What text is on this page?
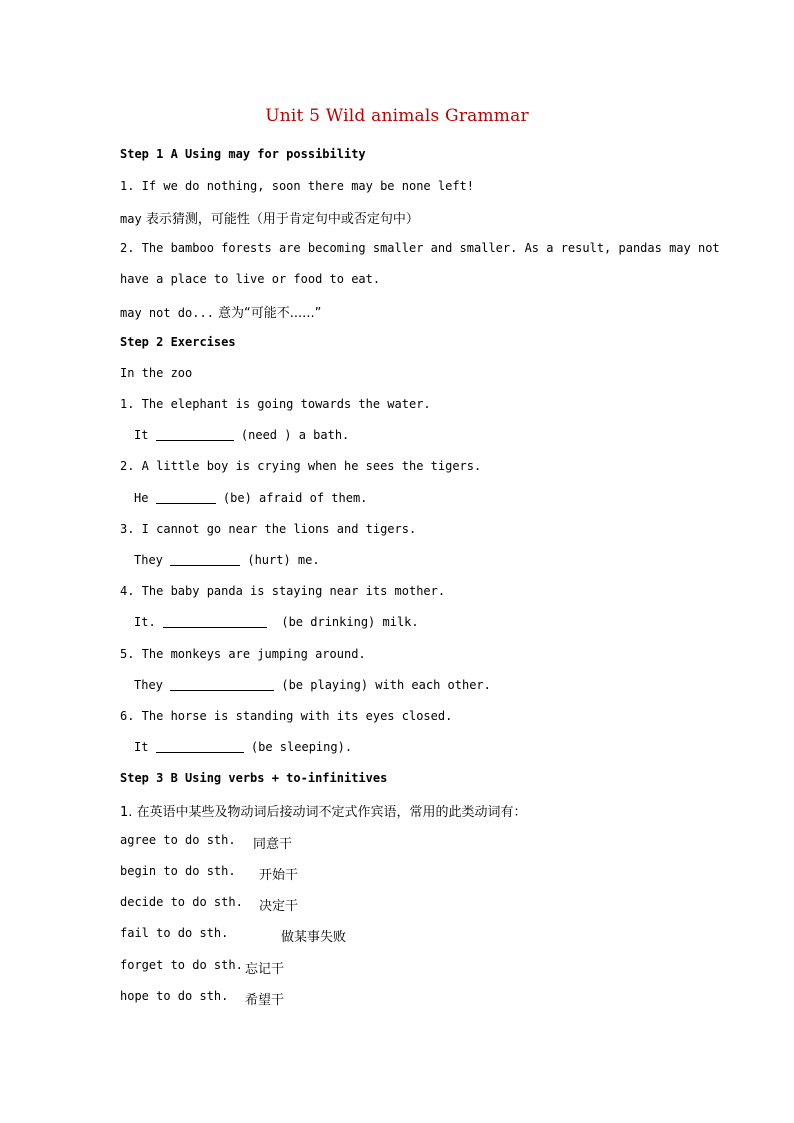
Unit 5 Wild animals Grammar
Step 1 A Using may for possibility
1. If we do nothing, soon there may be none left!
may 表示猜测，可能性（用于肯定句中或否定句中）
2. The bamboo forests are becoming smaller and smaller. As a result, pandas may not
have a place to live or food to eat.
may not do... 意为“可能不......”
Step 2 Exercises
In the zoo
1. The elephant is going towards the water.
It	(need ) a bath.
2. A little boy is crying when he sees the tigers.
He	(be) afraid of them.
3. I cannot go near the lions and tigers.
They	(hurt) me.
4. The baby panda is staying near its mother.
It.	(be drinking) milk.
5. The monkeys are jumping around.
They	(be playing) with each other.
6. The horse is standing with its eyes closed.
It	(be sleeping).
Step 3 B Using verbs + to-infinitives
1. 在英语中某些及物动词后接动词不定式作宾语，常用的此类动词有：
agree to do sth. 同意干
begin to do sth. 开始干
decide to do sth. 决定干
fail to do sth.	做某事失败
forget to do sth. 忘记干
hope to do sth. 希望干
